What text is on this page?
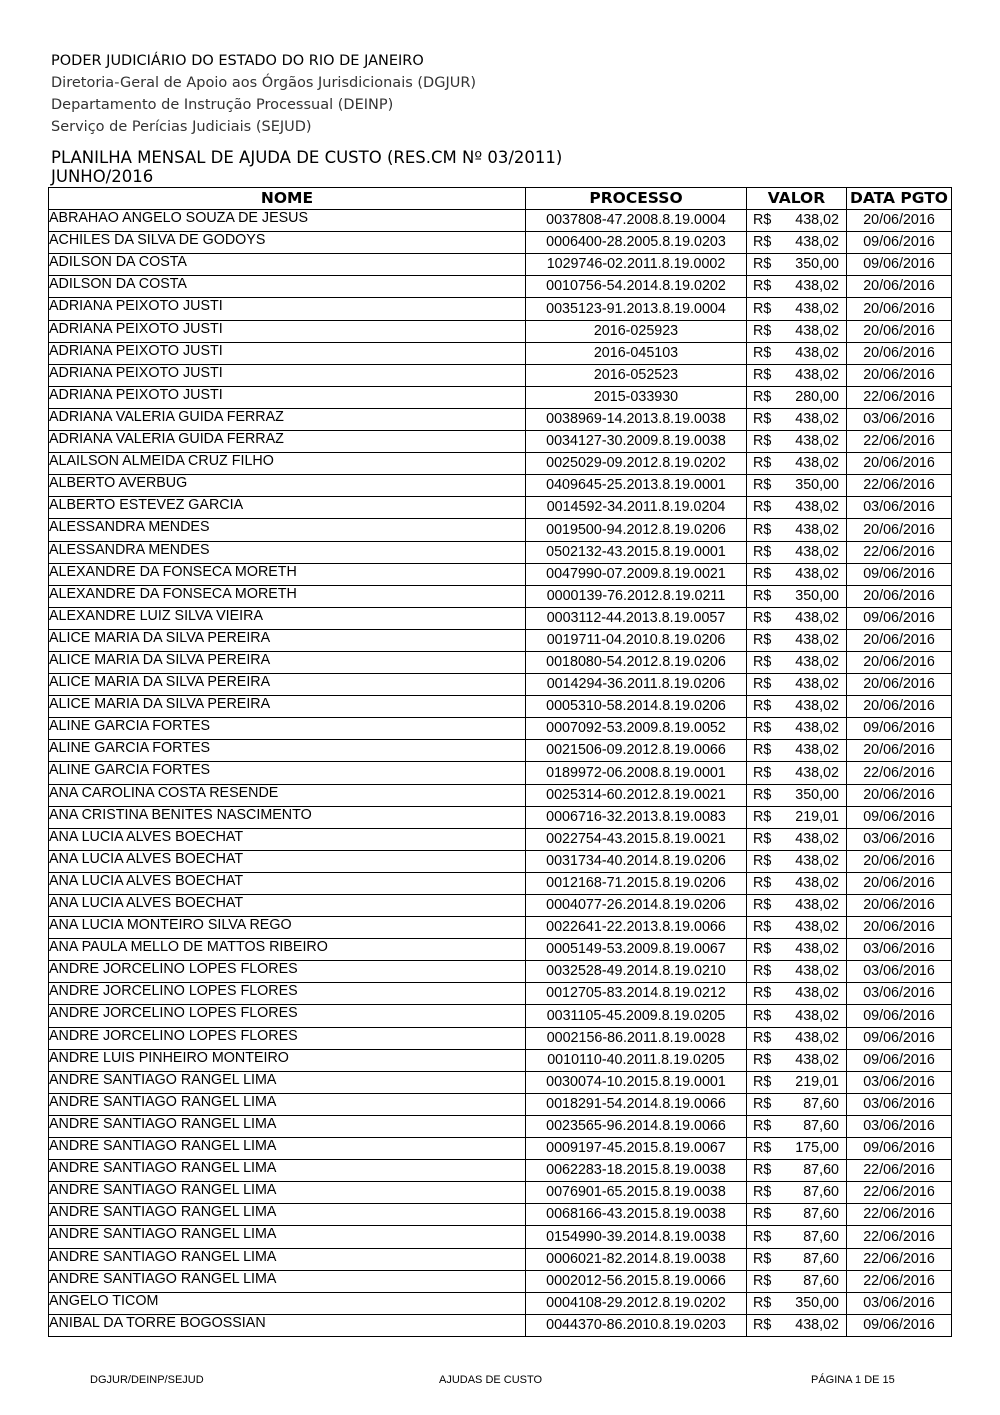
PODER JUDICIÁRIO DO ESTADO DO RIO DE JANEIRO
Diretoria-Geral de Apoio aos Órgãos Jurisdicionais (DGJUR)
Departamento de Instrução Processual (DEINP)
Serviço de Perícias Judiciais (SEJUD)
PLANILHA MENSAL DE AJUDA DE CUSTO (RES.CM Nº 03/2011)
JUNHO/2016
NOME	PROCESSO	VALOR	DATA PGTO
ABRAHAO ANGELO SOUZA DE JESUS	0037808-47.2008.8.19.0004	R$ 438,02	20/06/2016
ACHILES DA SILVA DE GODOYS	0006400-28.2005.8.19.0203	R$ 438,02	09/06/2016
ADILSON DA COSTA	1029746-02.2011.8.19.0002	R$ 350,00	09/06/2016
ADILSON DA COSTA	0010756-54.2014.8.19.0202	R$ 438,02	20/06/2016
ADRIANA PEIXOTO JUSTI	0035123-91.2013.8.19.0004	R$ 438,02	20/06/2016
ADRIANA PEIXOTO JUSTI	2016-025923	R$ 438,02	20/06/2016
ADRIANA PEIXOTO JUSTI	2016-045103	R$ 438,02	20/06/2016
ADRIANA PEIXOTO JUSTI	2016-052523	R$ 438,02	20/06/2016
ADRIANA PEIXOTO JUSTI	2015-033930	R$ 280,00	22/06/2016
ADRIANA VALERIA GUIDA FERRAZ	0038969-14.2013.8.19.0038	R$ 438,02	03/06/2016
ADRIANA VALERIA GUIDA FERRAZ	0034127-30.2009.8.19.0038	R$ 438,02	22/06/2016
ALAILSON ALMEIDA CRUZ FILHO	0025029-09.2012.8.19.0202	R$ 438,02	20/06/2016
ALBERTO AVERBUG	0409645-25.2013.8.19.0001	R$ 350,00	22/06/2016
ALBERTO ESTEVEZ GARCIA	0014592-34.2011.8.19.0204	R$ 438,02	03/06/2016
ALESSANDRA MENDES	0019500-94.2012.8.19.0206	R$ 438,02	20/06/2016
ALESSANDRA MENDES	0502132-43.2015.8.19.0001	R$ 438,02	22/06/2016
ALEXANDRE DA FONSECA MORETH	0047990-07.2009.8.19.0021	R$ 438,02	09/06/2016
ALEXANDRE DA FONSECA MORETH	0000139-76.2012.8.19.0211	R$ 350,00	20/06/2016
ALEXANDRE LUIZ SILVA VIEIRA	0003112-44.2013.8.19.0057	R$ 438,02	09/06/2016
ALICE MARIA DA SILVA PEREIRA	0019711-04.2010.8.19.0206	R$ 438,02	20/06/2016
ALICE MARIA DA SILVA PEREIRA	0018080-54.2012.8.19.0206	R$ 438,02	20/06/2016
ALICE MARIA DA SILVA PEREIRA	0014294-36.2011.8.19.0206	R$ 438,02	20/06/2016
ALICE MARIA DA SILVA PEREIRA	0005310-58.2014.8.19.0206	R$ 438,02	20/06/2016
ALINE GARCIA FORTES	0007092-53.2009.8.19.0052	R$ 438,02	09/06/2016
ALINE GARCIA FORTES	0021506-09.2012.8.19.0066	R$ 438,02	20/06/2016
ALINE GARCIA FORTES	0189972-06.2008.8.19.0001	R$ 438,02	22/06/2016
ANA CAROLINA COSTA RESENDE	0025314-60.2012.8.19.0021	R$ 350,00	20/06/2016
ANA CRISTINA BENITES NASCIMENTO	0006716-32.2013.8.19.0083	R$ 219,01	09/06/2016
ANA LUCIA ALVES BOECHAT	0022754-43.2015.8.19.0021	R$ 438,02	03/06/2016
ANA LUCIA ALVES BOECHAT	0031734-40.2014.8.19.0206	R$ 438,02	20/06/2016
ANA LUCIA ALVES BOECHAT	0012168-71.2015.8.19.0206	R$ 438,02	20/06/2016
ANA LUCIA ALVES BOECHAT	0004077-26.2014.8.19.0206	R$ 438,02	20/06/2016
ANA LUCIA MONTEIRO SILVA REGO	0022641-22.2013.8.19.0066	R$ 438,02	20/06/2016
ANA PAULA MELLO DE MATTOS RIBEIRO	0005149-53.2009.8.19.0067	R$ 438,02	03/06/2016
ANDRE JORCELINO LOPES FLORES	0032528-49.2014.8.19.0210	R$ 438,02	03/06/2016
ANDRE JORCELINO LOPES FLORES	0012705-83.2014.8.19.0212	R$ 438,02	03/06/2016
ANDRE JORCELINO LOPES FLORES	0031105-45.2009.8.19.0205	R$ 438,02	09/06/2016
ANDRE JORCELINO LOPES FLORES	0002156-86.2011.8.19.0028	R$ 438,02	09/06/2016
ANDRE LUIS PINHEIRO MONTEIRO	0010110-40.2011.8.19.0205	R$ 438,02	09/06/2016
ANDRE SANTIAGO RANGEL LIMA	0030074-10.2015.8.19.0001	R$ 219,01	03/06/2016
ANDRE SANTIAGO RANGEL LIMA	0018291-54.2014.8.19.0066	R$ 87,60	03/06/2016
ANDRE SANTIAGO RANGEL LIMA	0023565-96.2014.8.19.0066	R$ 87,60	03/06/2016
ANDRE SANTIAGO RANGEL LIMA	0009197-45.2015.8.19.0067	R$ 175,00	09/06/2016
ANDRE SANTIAGO RANGEL LIMA	0062283-18.2015.8.19.0038	R$ 87,60	22/06/2016
ANDRE SANTIAGO RANGEL LIMA	0076901-65.2015.8.19.0038	R$ 87,60	22/06/2016
ANDRE SANTIAGO RANGEL LIMA	0068166-43.2015.8.19.0038	R$ 87,60	22/06/2016
ANDRE SANTIAGO RANGEL LIMA	0154990-39.2014.8.19.0038	R$ 87,60	22/06/2016
ANDRE SANTIAGO RANGEL LIMA	0006021-82.2014.8.19.0038	R$ 87,60	22/06/2016
ANDRE SANTIAGO RANGEL LIMA	0002012-56.2015.8.19.0066	R$ 87,60	22/06/2016
ANGELO TICOM	0004108-29.2012.8.19.0202	R$ 350,00	03/06/2016
ANIBAL DA TORRE BOGOSSIAN	0044370-86.2010.8.19.0203	R$ 438,02	09/06/2016
DGJUR/DEINP/SEJUD	AJUDAS DE CUSTO	PÁGINA 1 DE 15
